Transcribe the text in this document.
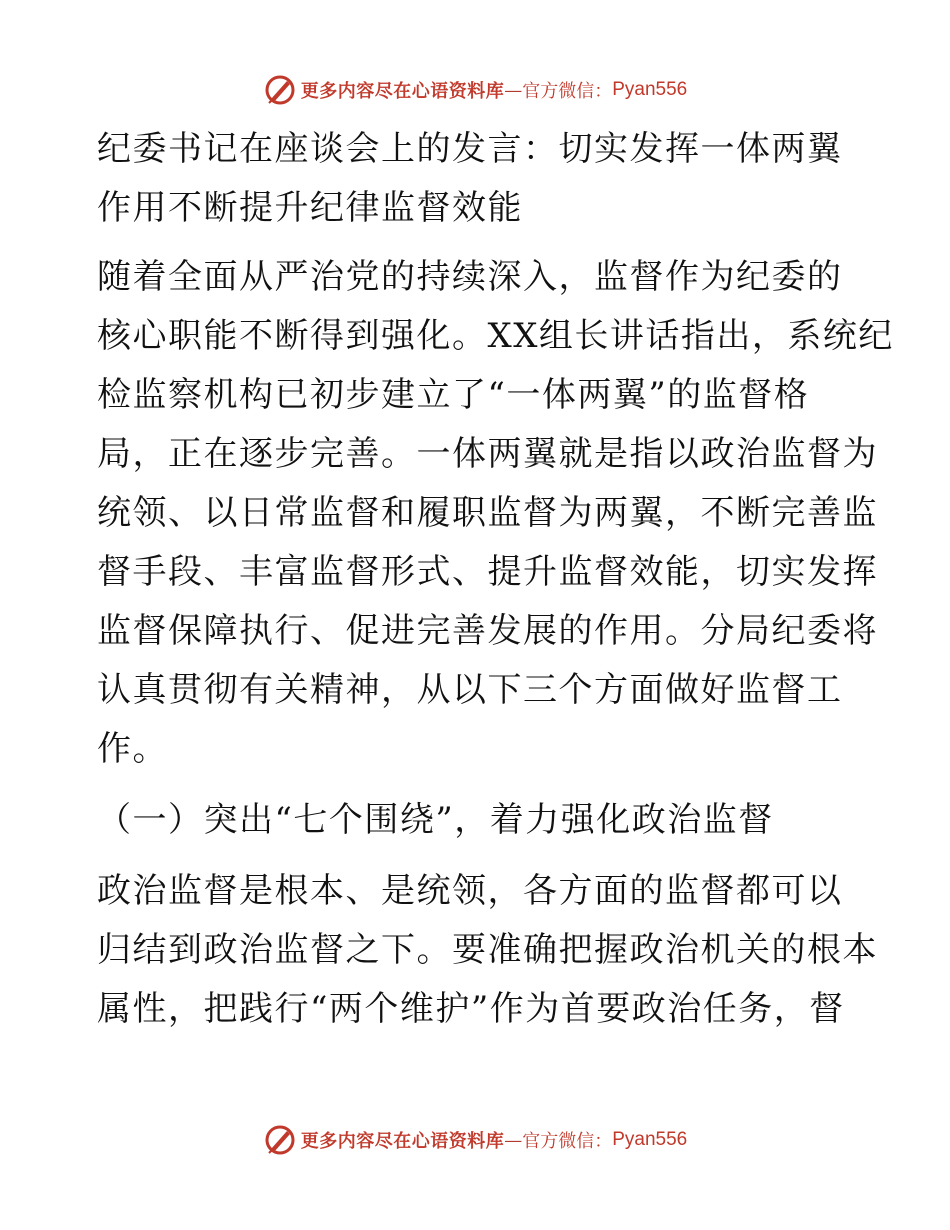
更多内容尽在心语资料库 — 官方微信： Pyan556

纪委书记在座谈会上的发言：切实发挥一体两翼
作用不断提升纪律监督效能

随着全面从严治党的持续深入，监督作为纪委的
核心职能不断得到强化。XX组长讲话指出，系统纪
检监察机构已初步建立了“一体两翼”的监督格
局，正在逐步完善。一体两翼就是指以政治监督为
统领、以日常监督和履职监督为两翼，不断完善监
督手段、丰富监督形式、提升监督效能，切实发挥
监督保障执行、促进完善发展的作用。分局纪委将
认真贯彻有关精神，从以下三个方面做好监督工
作。

（一）突出“七个围绕”，着力强化政治监督

政治监督是根本、是统领，各方面的监督都可以
归结到政治监督之下。要准确把握政治机关的根本
属性，把践行“两个维护”作为首要政治任务，督

更多内容尽在心语资料库 — 官方微信： Pyan556
